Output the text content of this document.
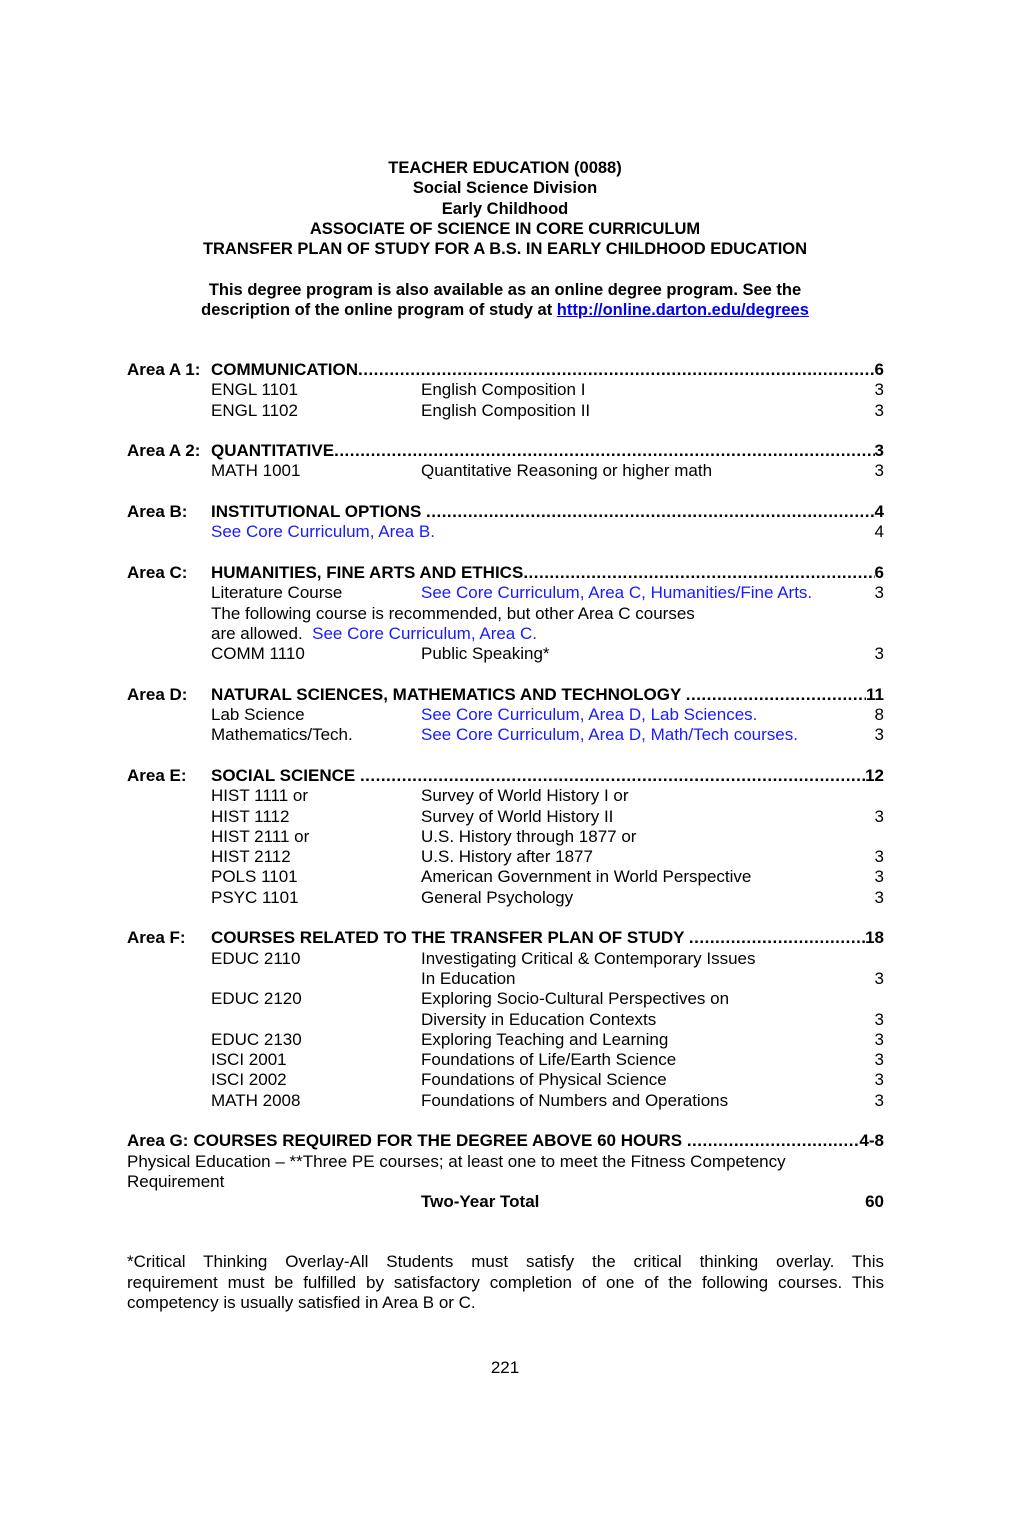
TEACHER EDUCATION (0088)
Social Science Division
Early Childhood
ASSOCIATE OF SCIENCE IN CORE CURRICULUM
TRANSFER PLAN OF STUDY FOR A B.S. IN EARLY CHILDHOOD EDUCATION
This degree program is also available as an online degree program. See the
description of the online program of study at http://online.darton.edu/degrees
Area A 1: COMMUNICATION .....	6
ENGL 1101	English Composition I	3
ENGL 1102	English Composition II	3
Area A 2: QUANTITATIVE .....	3
MATH 1001	Quantitative Reasoning or higher math	3
Area B:	INSTITUTIONAL OPTIONS .....	4
See Core Curriculum, Area B.	4
Area C:	HUMANITIES, FINE ARTS AND ETHICS .....	6
Literature Course	See Core Curriculum, Area C, Humanities/Fine Arts.	3
The following course is recommended, but other Area C courses
are allowed.  See Core Curriculum, Area C.
COMM 1110	Public Speaking*	3
Area D:	NATURAL SCIENCES, MATHEMATICS AND TECHNOLOGY .....	11
Lab Science	See Core Curriculum, Area D, Lab Sciences.	8
Mathematics/Tech.	See Core Curriculum, Area D, Math/Tech courses.	3
Area E:	SOCIAL SCIENCE .....	12
HIST 1111 or	Survey of World History I or
HIST 1112	Survey of World History II	3
HIST 2111 or	U.S. History through 1877 or
HIST 2112	U.S. History after 1877	3
POLS 1101	American Government in World Perspective	3
PSYC 1101	General Psychology	3
Area F:	COURSES RELATED TO THE TRANSFER PLAN OF STUDY .....	18
EDUC 2110	Investigating Critical & Contemporary Issues
In Education	3
EDUC 2120	Exploring Socio-Cultural Perspectives on
Diversity in Education Contexts	3
EDUC 2130	Exploring Teaching and Learning	3
ISCI 2001	Foundations of Life/Earth Science	3
ISCI 2002	Foundations of Physical Science	3
MATH 2008	Foundations of Numbers and Operations	3
Area G: COURSES REQUIRED FOR THE DEGREE ABOVE 60 HOURS .....	4-8
Physical Education – **Three PE courses; at least one to meet the Fitness Competency
Requirement
Two-Year Total	60
*Critical Thinking Overlay-All Students must satisfy the critical thinking overlay. This
requirement must be fulfilled by satisfactory completion of one of the following courses. This
competency is usually satisfied in Area B or C.
221
